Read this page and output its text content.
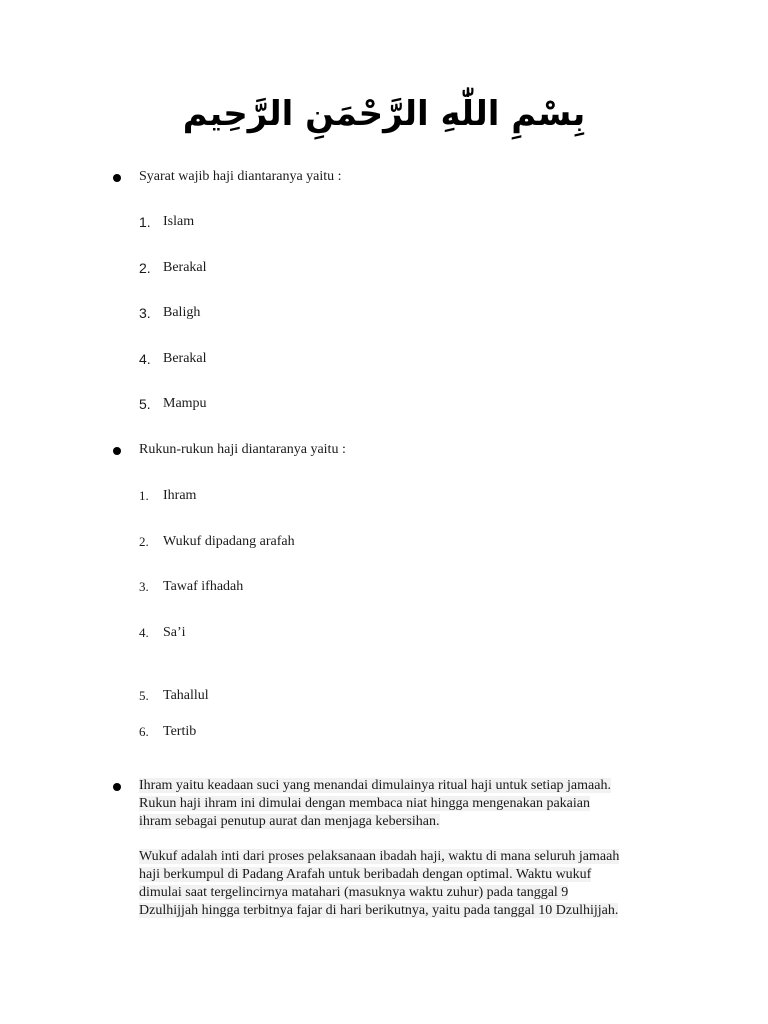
بِسْمِ اللّٰهِ الرَّحْمَنِ الرَّحِيم
Syarat wajib haji diantaranya yaitu :
1. Islam
2. Berakal
3. Baligh
4. Berakal
5. Mampu
Rukun-rukun haji diantaranya yaitu :
1. Ihram
2. Wukuf dipadang arafah
3. Tawaf ifhadah
4. Sa’i
5. Tahallul
6. Tertib
Ihram yaitu keadaan suci yang menandai dimulainya ritual haji untuk setiap jamaah.
Rukun haji ihram ini dimulai dengan membaca niat hingga mengenakan pakaian
ihram sebagai penutup aurat dan menjaga kebersihan.
Wukuf adalah inti dari proses pelaksanaan ibadah haji, waktu di mana seluruh jamaah
haji berkumpul di Padang Arafah untuk beribadah dengan optimal. Waktu wukuf
dimulai saat tergelincirnya matahari (masuknya waktu zuhur) pada tanggal 9
Dzulhijjah hingga terbitnya fajar di hari berikutnya, yaitu pada tanggal 10 Dzulhijjah.
